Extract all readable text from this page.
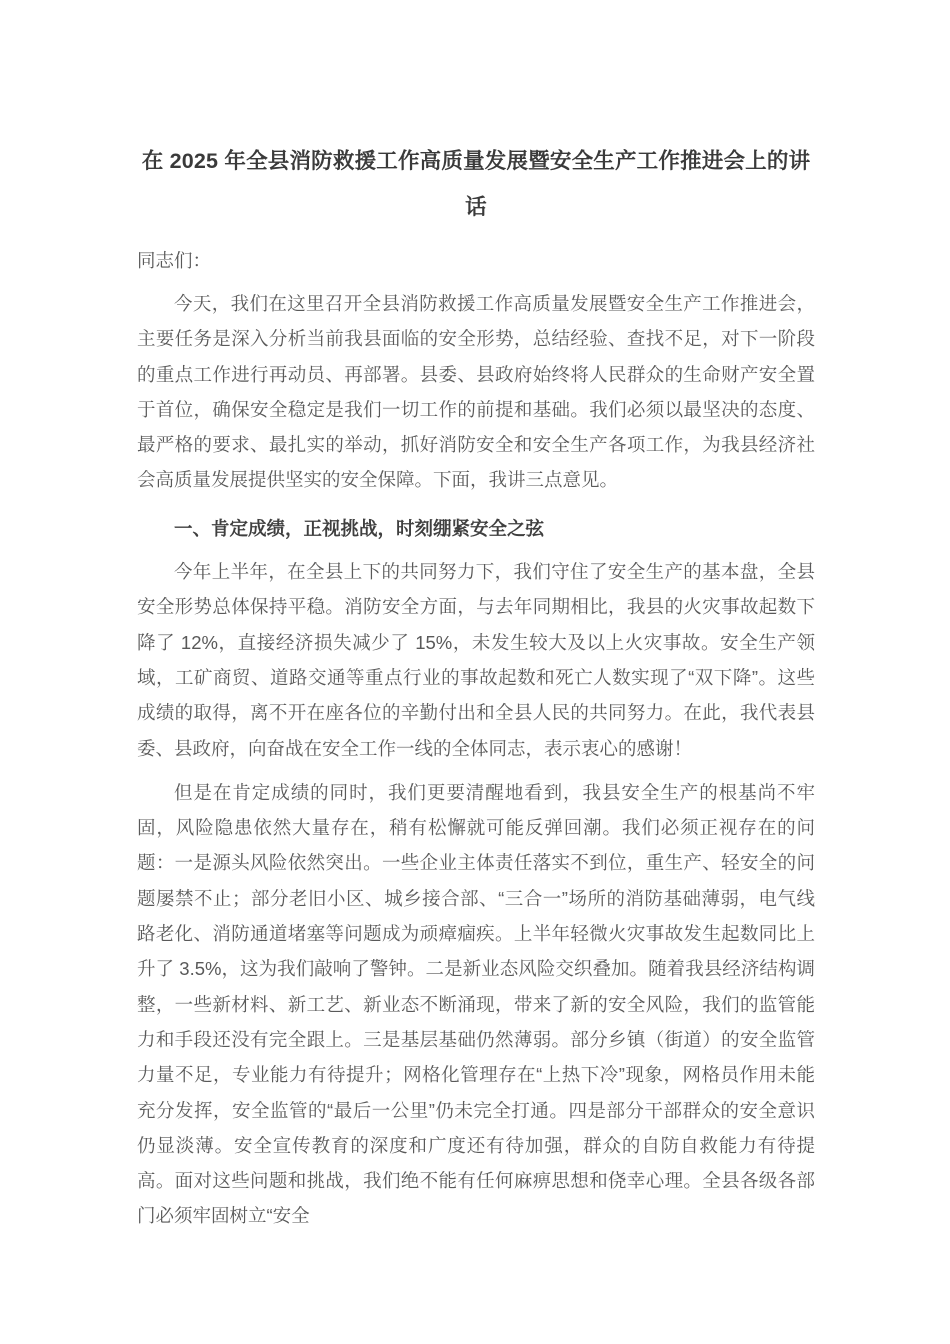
在 2025 年全县消防救援工作高质量发展暨安全生产工作推进会上的讲话

同志们：

今天，我们在这里召开全县消防救援工作高质量发展暨安全生产工作推进会，主要任务是深入分析当前我县面临的安全形势，总结经验、查找不足，对下一阶段的重点工作进行再动员、再部署。县委、县政府始终将人民群众的生命财产安全置于首位，确保安全稳定是我们一切工作的前提和基础。我们必须以最坚决的态度、最严格的要求、最扎实的举动，抓好消防安全和安全生产各项工作，为我县经济社会高质量发展提供坚实的安全保障。下面，我讲三点意见。

一、肯定成绩，正视挑战，时刻绷紧安全之弦

今年上半年，在全县上下的共同努力下，我们守住了安全生产的基本盘，全县安全形势总体保持平稳。消防安全方面，与去年同期相比，我县的火灾事故起数下降了 12%，直接经济损失减少了 15%，未发生较大及以上火灾事故。安全生产领域，工矿商贸、道路交通等重点行业的事故起数和死亡人数实现了“双下降”。这些成绩的取得，离不开在座各位的辛勤付出和全县人民的共同努力。在此，我代表县委、县政府，向奋战在安全工作一线的全体同志，表示衷心的感谢！

但是在肯定成绩的同时，我们更要清醒地看到，我县安全生产的根基尚不牢固，风险隐患依然大量存在，稍有松懈就可能反弹回潮。我们必须正视存在的问题：一是源头风险依然突出。一些企业主体责任落实不到位，重生产、轻安全的问题屡禁不止；部分老旧小区、城乡接合部、“三合一”场所的消防基础薄弱，电气线路老化、消防通道堵塞等问题成为顽瘴痼疾。上半年轻微火灾事故发生起数同比上升了 3.5%，这为我们敲响了警钟。二是新业态风险交织叠加。随着我县经济结构调整，一些新材料、新工艺、新业态不断涌现，带来了新的安全风险，我们的监管能力和手段还没有完全跟上。三是基层基础仍然薄弱。部分乡镇（街道）的安全监管力量不足，专业能力有待提升；网格化管理存在“上热下冷”现象，网格员作用未能充分发挥，安全监管的“最后一公里”仍未完全打通。四是部分干部群众的安全意识仍显淡薄。安全宣传教育的深度和广度还有待加强，群众的自防自救能力有待提高。面对这些问题和挑战，我们绝不能有任何麻痹思想和侥幸心理。全县各级各部门必须牢固树立“安全
